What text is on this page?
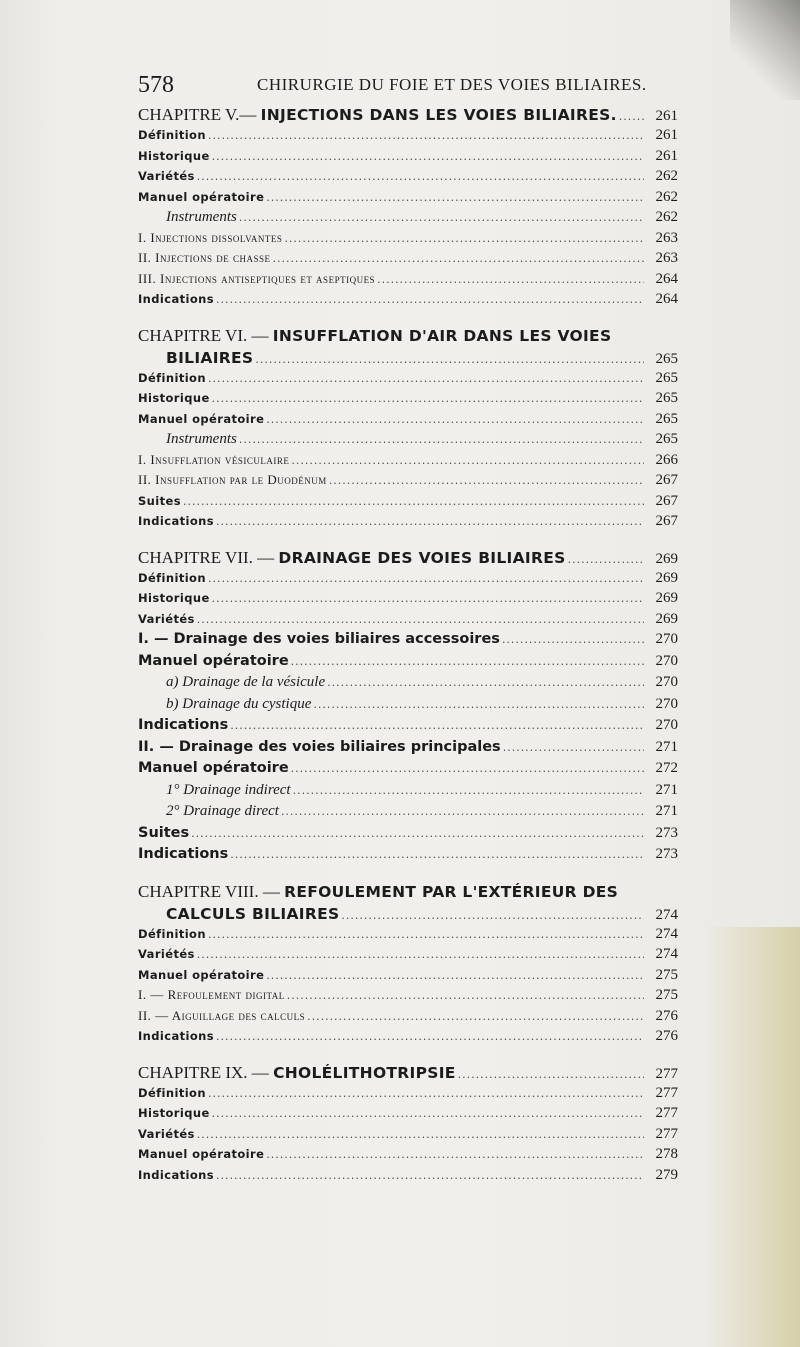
578	CHIRURGIE DU FOIE ET DES VOIES BILIAIRES.
CHAPITRE V.— INJECTIONS DANS LES VOIES BILIAIRES. .....	261
Définition .....	261
Historique .....	261
Variétés .....	262
Manuel opératoire .....	262
Instruments .....	262
I. Injections dissolvantes .....	263
II. Injections de chasse .....	263
III. Injections antiseptiques et aseptiques .....	264
Indications .....	264
CHAPITRE VI. — INSUFFLATION D'AIR DANS LES VOIES
BILIAIRES .....	265
Définition .....	265
Historique .....	265
Manuel opératoire .....	265
Instruments .....	265
I. Insufflation vésiculaire .....	266
II. Insufflation par le Duodénum .....	267
Suites .....	267
Indications .....	267
CHAPITRE VII. — DRAINAGE DES VOIES BILIAIRES .....	269
Définition .....	269
Historique .....	269
Variétés .....	269
I. — Drainage des voies biliaires accessoires .....	270
Manuel opératoire .....	270
a) Drainage de la vésicule .....	270
b) Drainage du cystique .....	270
Indications .....	270
II. — Drainage des voies biliaires principales .....	271
Manuel opératoire .....	272
1° Drainage indirect .....	271
2° Drainage direct .....	271
Suites .....	273
Indications .....	273
CHAPITRE VIII. — REFOULEMENT PAR L'EXTÉRIEUR DES
CALCULS BILIAIRES .....	274
Définition .....	274
Variétés .....	274
Manuel opératoire .....	275
I. — Refoulement digital .....	275
II. — Aiguillage des calculs .....	276
Indications .....	276
CHAPITRE IX. — CHOLÉLITHOTRIPSIE .....	277
Définition .....	277
Historique .....	277
Variétés .....	277
Manuel opératoire .....	278
Indications .....	279
